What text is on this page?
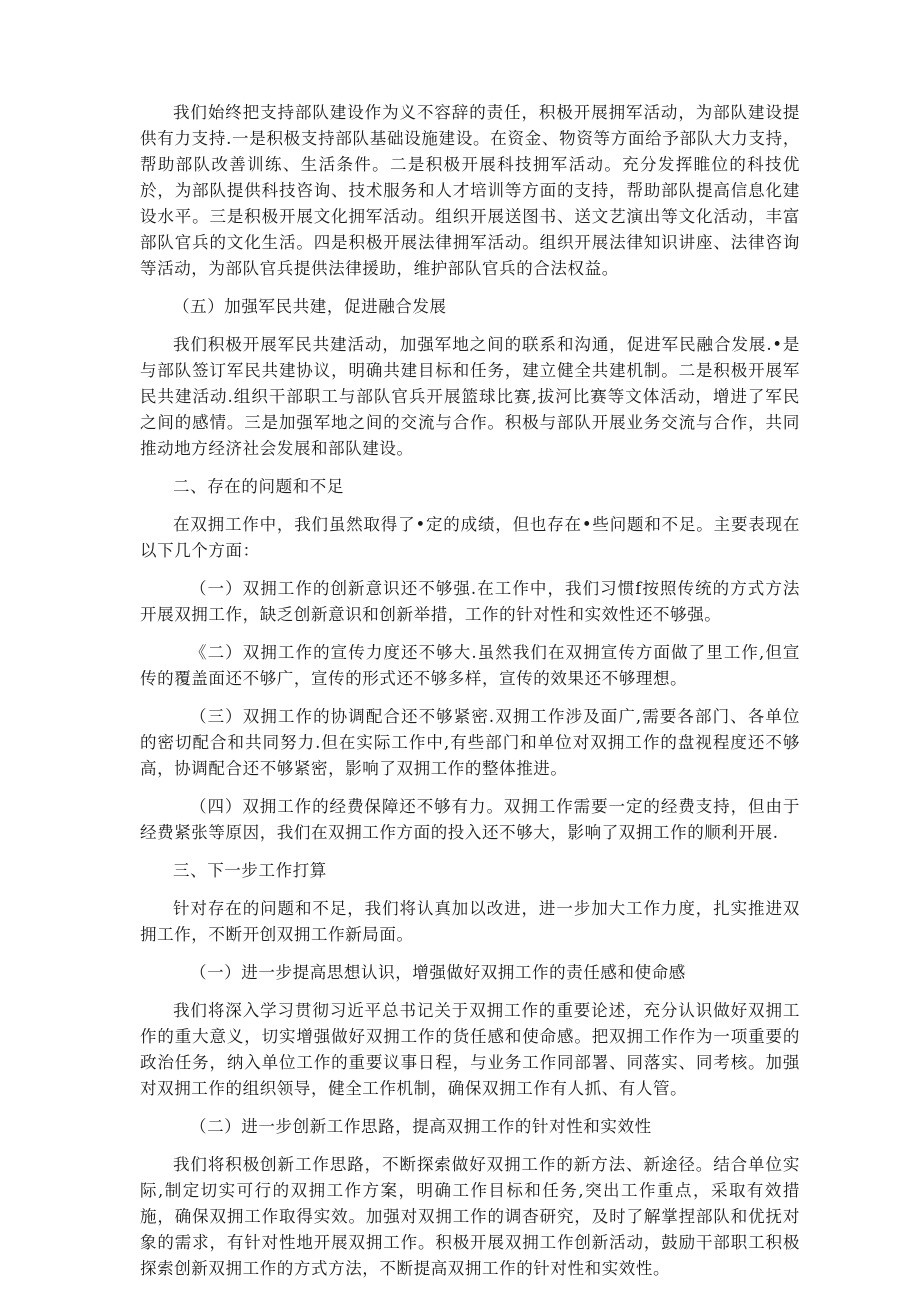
我们始终把支持部队建设作为义不容辞的责任，积极开展拥军活动，为部队建设提供有力支持.一是积极支持部队基础设施建设。在资金、物资等方面给予部队大力支持，帮助部队改善训练、生活条件。二是积极开展科技拥军活动。充分发挥睢位的科技优於，为部队提供科技咨询、技术服务和人才培训等方面的支持，帮助部队提高信息化建设水平。三是积极开展文化拥军活动。组织开展送图书、送文艺演出等文化活动，丰富部队官兵的文化生活。四是积极开展法律拥军活动。组织开展法律知识讲座、法律咨询等活动，为部队官兵提供法律援助，维护部队官兵的合法权益。

（五）加强军民共建，促进融合发展

我们积极开展军民共建活动，加强军地之间的联系和沟通，促进军民融合发展.•是与部队签订军民共建协议，明确共建目标和任务，建立健全共建机制。二是积极开展军民共建活动.组织干部职工与部队官兵开展篮球比赛,拔河比赛等文体活动，增进了军民之间的感情。三是加强军地之间的交流与合作。积极与部队开展业务交流与合作，共同推动地方经济社会发展和部队建设。

二、存在的问题和不足

在双拥工作中，我们虽然取得了•定的成绩，但也存在•些问题和不足。主要表现在以下几个方面：

（一）双拥工作的创新意识还不够强.在工作中，我们习惯f按照传统的方式方法开展双拥工作，缺乏创新意识和创新举措，工作的针对性和实效性还不够强。

《二）双拥工作的宣传力度还不够大.虽然我们在双拥宣传方面做了里工作,但宣传的覆盖面还不够广，宣传的形式还不够多样，宣传的效果还不够理想。

（三）双拥工作的协调配合还不够紧密.双拥工作涉及面广,需要各部门、各单位的密切配合和共同努力.但在实际工作中,有些部门和单位对双拥工作的盘视程度还不够高，协调配合还不够紧密，影响了双拥工作的整体推进。

（四）双拥工作的经费保障还不够有力。双拥工作需要一定的经费支持，但由于经费紧张等原因，我们在双拥工作方面的投入还不够大，影响了双拥工作的顺利开展.

三、下一步工作打算

针对存在的问题和不足，我们将认真加以改进，进一步加大工作力度，扎实推进双拥工作，不断开创双拥工作新局面。

（一）进一步提高思想认识，增强做好双拥工作的责任感和使命感

我们将深入学习贯彻习近平总书记关于双拥工作的重要论述，充分认识做好双拥工作的重大意义，切实增强做好双拥工作的货任感和使命感。把双拥工作作为一项重要的政治任务，纳入单位工作的重要议事日程，与业务工作同部署、同落实、同考核。加强对双拥工作的组织领导，健全工作机制，确保双拥工作有人抓、有人管。

（二）进一步创新工作思路，提高双拥工作的针对性和实效性

我们将积极创新工作思路，不断探索做好双拥工作的新方法、新途径。结合单位实际,制定切实可行的双拥工作方案，明确工作目标和任务,突出工作重点，采取有效措施，确保双拥工作取得实效。加强对双拥工作的调杳研究，及时了解掌捏部队和优抚对象的需求，有针对性地开展双拥工作。积极开展双拥工作创新活动，鼓励干部职工积极探索创新双拥工作的方式方法，不断提高双拥工作的针对性和实效性。
